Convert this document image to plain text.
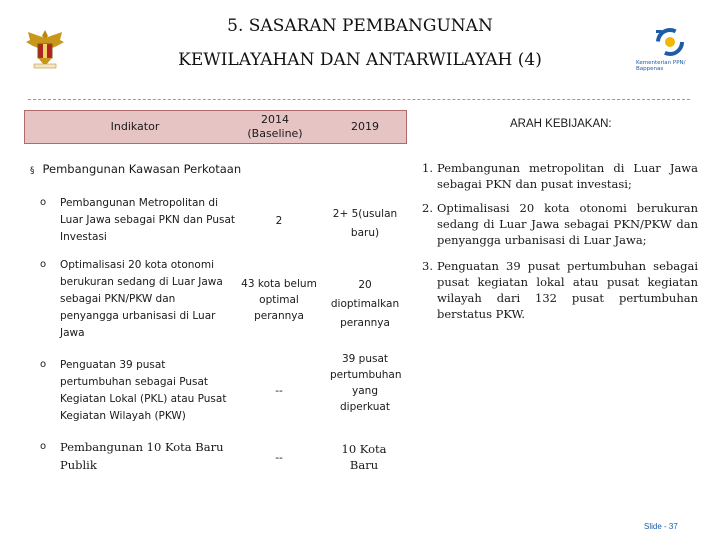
Kementerian PPN/ Bappenas
5. SASARAN PEMBANGUNAN
KEWILAYAHAN DAN ANTARWILAYAH (4)
Indikator
2014 (Baseline)
2019
§ Pembangunan Kawasan Perkotaan
o Pembangunan Metropolitan di Luar Jawa sebagai PKN dan Pusat Investasi
2
2+ 5(usulan baru)
o Optimalisasi 20 kota otonomi berukuran sedang di Luar Jawa sebagai PKN/PKW dan penyangga urbanisasi di Luar Jawa
43 kota belum optimal perannya
20 dioptimalkan perannya
o Penguatan 39 pusat pertumbuhan sebagai Pusat Kegiatan Lokal (PKL) atau Pusat Kegiatan Wilayah (PKW)
--
39 pusat pertumbuhan yang diperkuat
o Pembangunan 10 Kota Baru Publik	--
10 Kota Baru
ARAH KEBIJAKAN:
1. Pembangunan metropolitan di Luar Jawa sebagai PKN dan pusat investasi;
2. Optimalisasi 20 kota otonomi berukuran sedang di Luar Jawa sebagai PKN/PKW dan penyangga urbanisasi di Luar Jawa;
3. Penguatan 39 pusat pertumbuhan sebagai pusat kegiatan lokal atau pusat kegiatan wilayah dari 132 pusat pertumbuhan berstatus PKW.
Slide - 37
